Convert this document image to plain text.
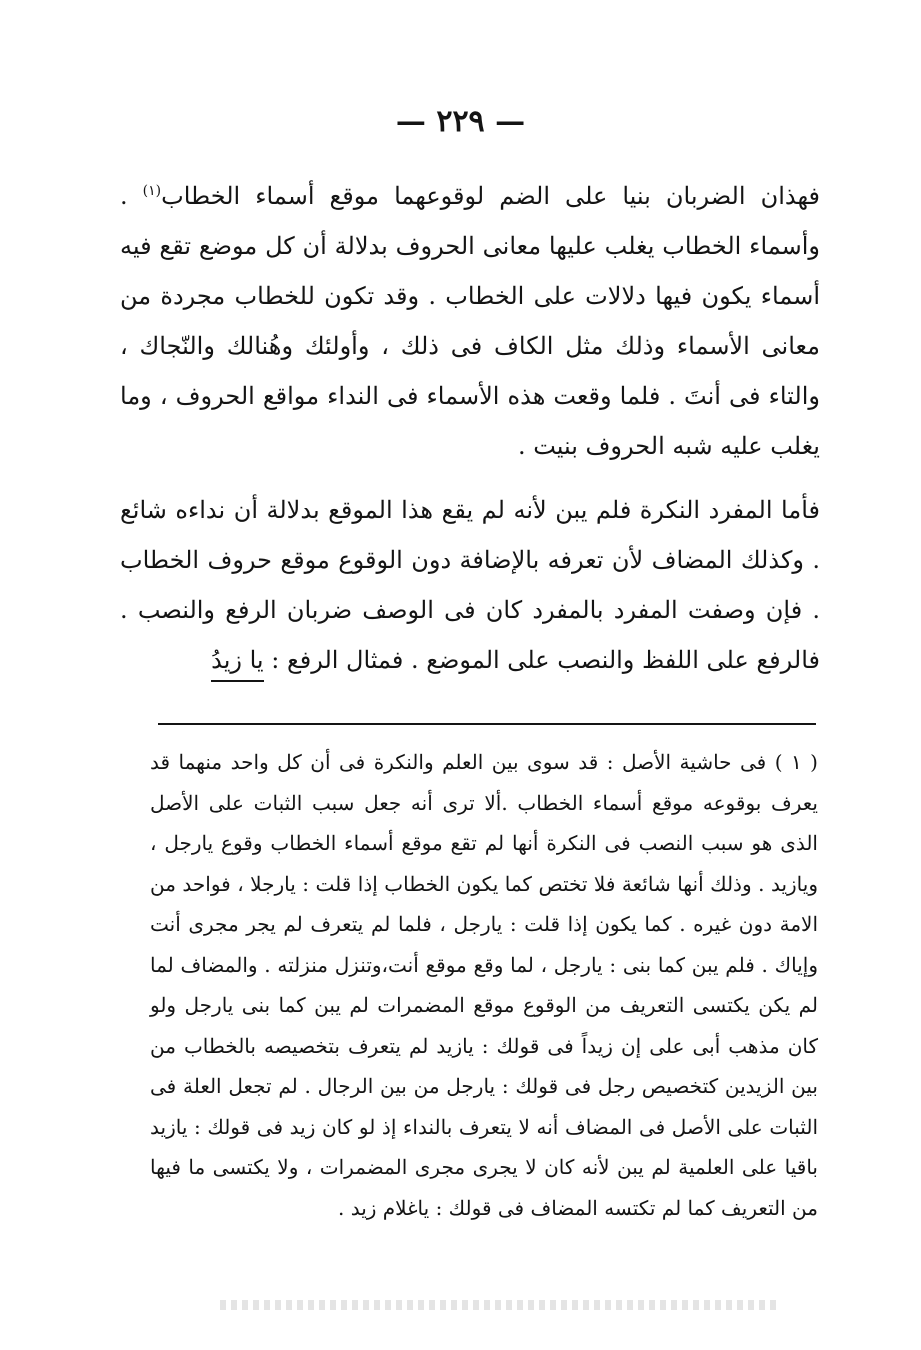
— ٢٢٩ —

فهذان الضربان بنيا على الضم لوقوعهما موقع أسماء الخطاب$^{(١)}$ . وأسماء الخطاب يغلب عليها معانى الحروف بدلالة أن كل موضع تقع فيه أسماء يكون فيها دلالات على الخطاب . وقد تكون للخطاب مجردة من معانى الأسماء وذلك مثل الكاف فى ذلك ، وأولئك وهُنالك والنّجاك ، والتاء فى أنتَ . فلما وقعت هذه الأسماء فى النداء مواقع الحروف ، وما يغلب عليه شبه الحروف بنيت .

فأما المفرد النكرة فلم يبن لأنه لم يقع هذا الموقع بدلالة أن نداءه شائع . وكذلك المضاف لأن تعرفه بالإضافة دون الوقوع موقع حروف الخطاب . فإن وصفت المفرد بالمفرد كان فى الوصف ضربان الرفع والنصب . فالرفع على اللفظ والنصب على الموضع . فمثال الرفع : يا زيدُ

( ١ ) فى حاشية الأصل : قد سوى بين العلم والنكرة فى أن كل واحد منهما قد يعرف بوقوعه موقع أسماء الخطاب .ألا ترى أنه جعل سبب الثبات على الأصل الذى هو سبب النصب فى النكرة أنها لم تقع موقع أسماء الخطاب وقوع يارجل ، ويازيد . وذلك أنها شائعة فلا تختص كما يكون الخطاب إذا قلت : يارجلا ، فواحد من الامة دون غيره . كما يكون إذا قلت : يارجل ، فلما لم يتعرف لم يجر مجرى أنت وإياك . فلم يبن كما بنى : يارجل ، لما وقع موقع أنت،وتنزل منزلته . والمضاف لما لم يكن يكتسى التعريف من الوقوع موقع المضمرات لم يبن كما بنى يارجل ولو كان مذهب أبى على إن زيداً فى قولك : يازيد لم يتعرف بتخصيصه بالخطاب من بين الزيدين كتخصيص رجل فى قولك : يارجل من بين الرجال . لم تجعل العلة فى الثبات على الأصل فى المضاف أنه لا يتعرف بالنداء إذ لو كان زيد فى قولك : يازيد باقيا على العلمية لم يبن لأنه كان لا يجرى مجرى المضمرات ، ولا يكتسى ما فيها من التعريف كما لم تكتسه المضاف فى قولك : ياغلام زيد .
